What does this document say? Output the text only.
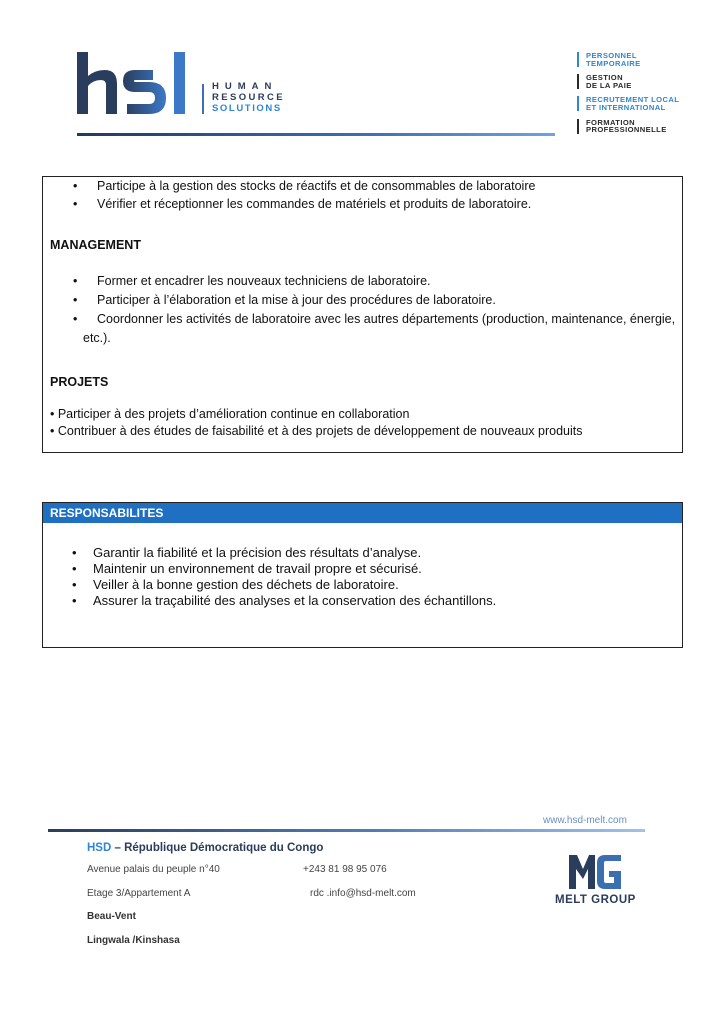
HUMAN
RESOURCE
SOLUTIONS
PERSONNEL
TEMPORAIRE
GESTION
DE LA PAIE
RECRUTEMENT LOCAL
ET INTERNATIONAL
FORMATION
PROFESSIONNELLE
• Participe à la gestion des stocks de réactifs et de consommables de laboratoire
• Vérifier et réceptionner les commandes de matériels et produits de laboratoire.
MANAGEMENT
• Former et encadrer les nouveaux techniciens de laboratoire.
• Participer à l’élaboration et la mise à jour des procédures de laboratoire.
• Coordonner les activités de laboratoire avec les autres départements (production, maintenance, énergie,
etc.).
PROJETS
• Participer à des projets d’amélioration continue en collaboration
• Contribuer à des études de faisabilité et à des projets de développement de nouveaux produits
RESPONSABILITES
• Garantir la fiabilité et la précision des résultats d’analyse.
• Maintenir un environnement de travail propre et sécurisé.
• Veiller à la bonne gestion des déchets de laboratoire.
• Assurer la traçabilité des analyses et la conservation des échantillons.
www.hsd-melt.com
HSD – République Démocratique du Congo
Avenue palais du peuple n°40
Etage 3/Appartement A
Beau-Vent
Lingwala /Kinshasa
+243 81 98 95 076
rdc .info@hsd-melt.com
MELT GROUP
